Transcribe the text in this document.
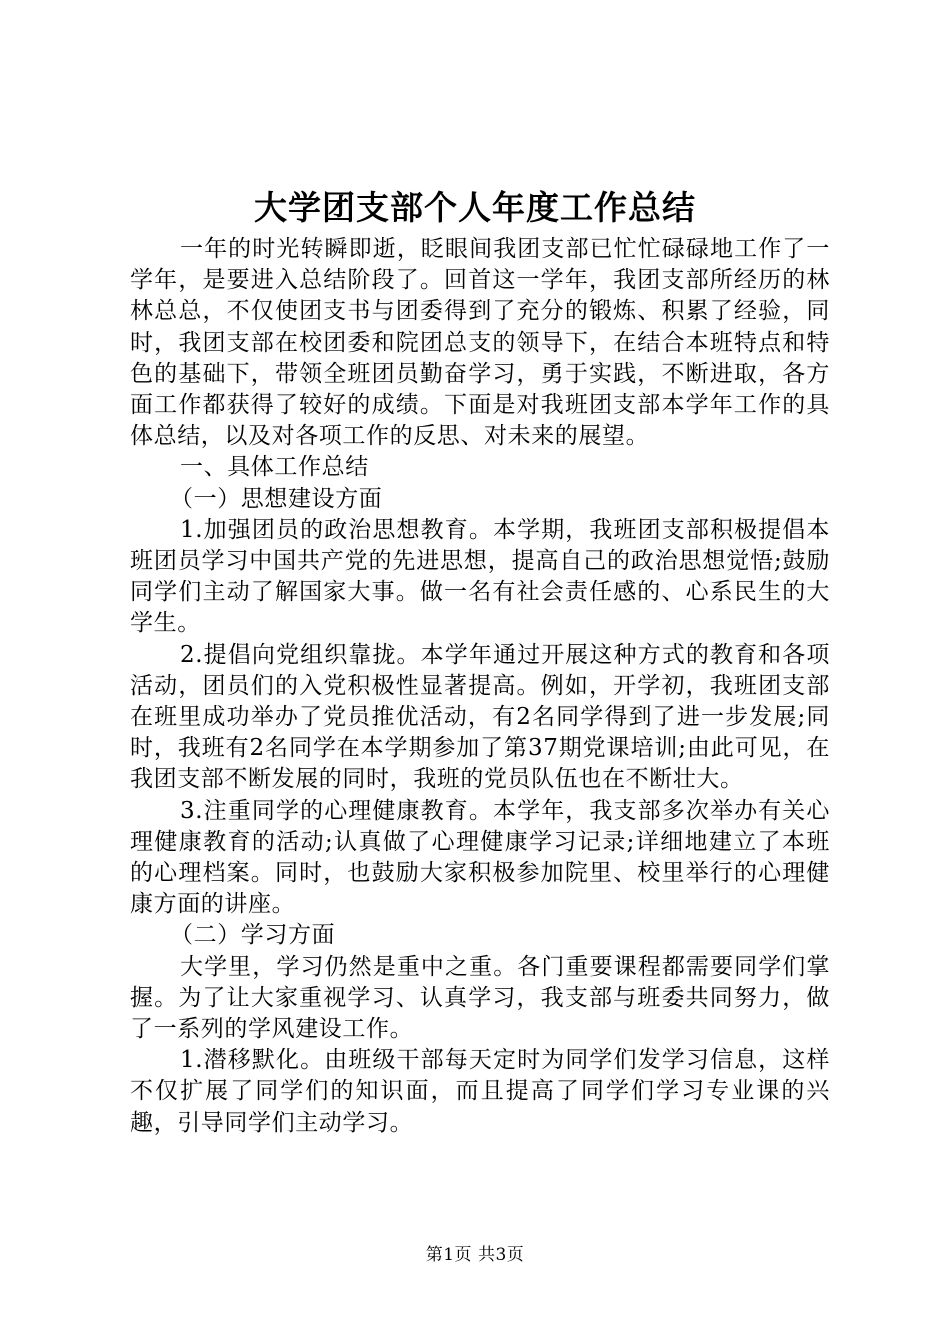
大学团支部个人年度工作总结

一年的时光转瞬即逝，眨眼间我团支部已忙忙碌碌地工作了一学年，是要进入总结阶段了。回首这一学年，我团支部所经历的林林总总，不仅使团支书与团委得到了充分的锻炼、积累了经验，同时，我团支部在校团委和院团总支的领导下，在结合本班特点和特色的基础下，带领全班团员勤奋学习，勇于实践，不断进取，各方面工作都获得了较好的成绩。下面是对我班团支部本学年工作的具体总结，以及对各项工作的反思、对未来的展望。

一、具体工作总结

（一）思想建设方面

1.加强团员的政治思想教育。本学期，我班团支部积极提倡本班团员学习中国共产党的先进思想，提高自己的政治思想觉悟;鼓励同学们主动了解国家大事。做一名有社会责任感的、心系民生的大学生。

2.提倡向党组织靠拢。本学年通过开展这种方式的教育和各项活动，团员们的入党积极性显著提高。例如，开学初，我班团支部在班里成功举办了党员推优活动，有2名同学得到了进一步发展;同时，我班有2名同学在本学期参加了第37期党课培训;由此可见，在我团支部不断发展的同时，我班的党员队伍也在不断壮大。

3.注重同学的心理健康教育。本学年，我支部多次举办有关心理健康教育的活动;认真做了心理健康学习记录;详细地建立了本班的心理档案。同时，也鼓励大家积极参加院里、校里举行的心理健康方面的讲座。

（二）学习方面

大学里，学习仍然是重中之重。各门重要课程都需要同学们掌握。为了让大家重视学习、认真学习，我支部与班委共同努力，做了一系列的学风建设工作。

1.潜移默化。由班级干部每天定时为同学们发学习信息，这样不仅扩展了同学们的知识面，而且提高了同学们学习专业课的兴趣，引导同学们主动学习。

第1页 共3页
